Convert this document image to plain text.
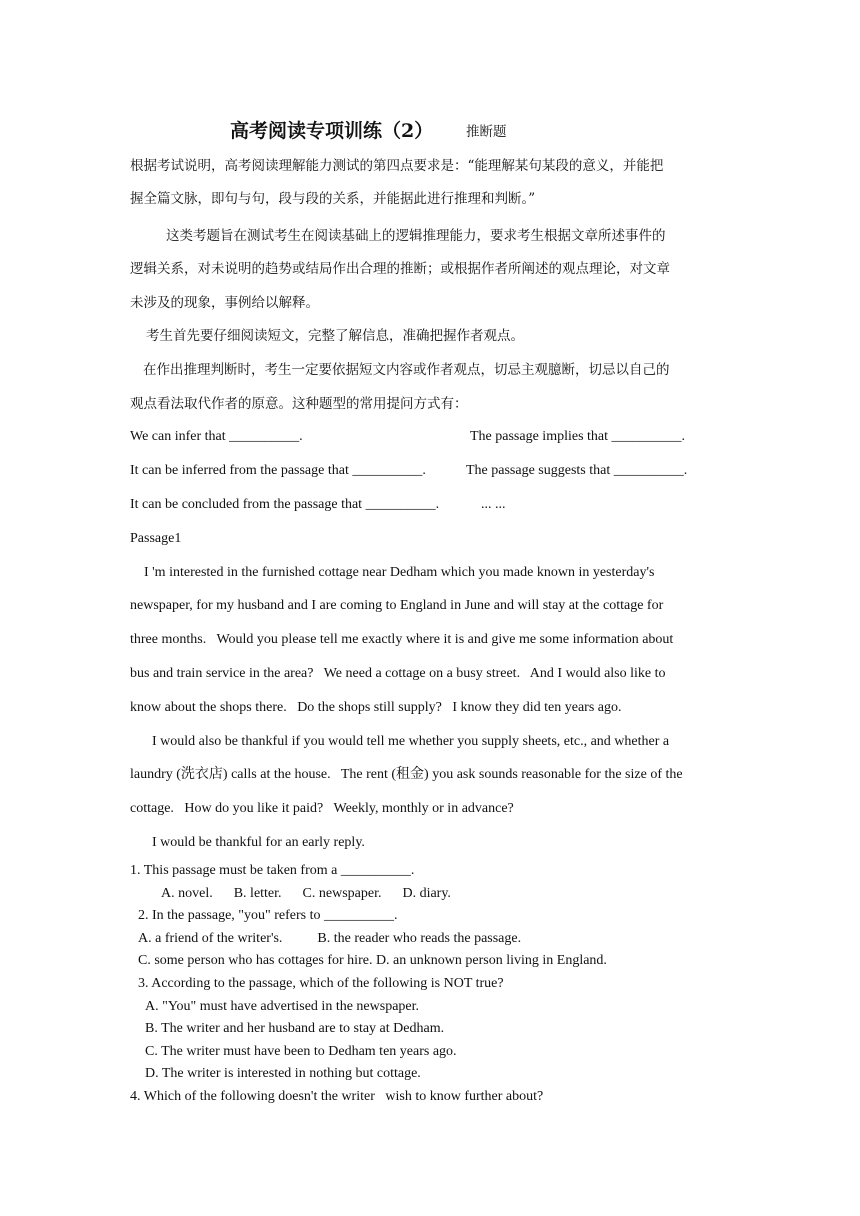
高考阅读专项训练（2） 推断题
根据考试说明，高考阅读理解能力测试的第四点要求是：“能理解某句某段的意义，并能把
握全篇文脉，即句与句，段与段的关系，并能据此进行推理和判断。”
这类考题旨在测试考生在阅读基础上的逻辑推理能力，要求考生根据文章所述事件的
逻辑关系，对未说明的趋势或结局作出合理的推断；或根据作者所阐述的观点理论，对文章
未涉及的现象，事例给以解释。
考生首先要仔细阅读短文，完整了解信息，准确把握作者观点。
在作出推理判断时，考生一定要依据短文内容或作者观点，切忌主观臆断，切忌以自己的
观点看法取代作者的原意。这种题型的常用提问方式有：
We can infer that __________.	The passage implies that __________.
It can be inferred from the passage that __________.	The passage suggests that __________.
It can be concluded from the passage that __________.	... ...
Passage1
I 'm interested in the furnished cottage near Dedham which you made known in yesterday's
newspaper, for my husband and I are coming to England in June and will stay at the cottage for
three months.   Would you please tell me exactly where it is and give me some information about
bus and train service in the area?   We need a cottage on a busy street.   And I would also like to
know about the shops there.   Do the shops still supply?   I know they did ten years ago.
I would also be thankful if you would tell me whether you supply sheets, etc., and whether a
laundry (洗衣店) calls at the house.   The rent (租金) you ask sounds reasonable for the size of the
cottage.   How do you like it paid?   Weekly, monthly or in advance?
I would be thankful for an early reply.
1. This passage must be taken from a __________.
A. novel.      B. letter.      C. newspaper.      D. diary.
2. In the passage, "you" refers to __________.
A. a friend of the writer's.          B. the reader who reads the passage.
C. some person who has cottages for hire. D. an unknown person living in England.
3. According to the passage, which of the following is NOT true?
A. "You" must have advertised in the newspaper.
B. The writer and her husband are to stay at Dedham.
C. The writer must have been to Dedham ten years ago.
D. The writer is interested in nothing but cottage.
4. Which of the following doesn't the writer   wish to know further about?
